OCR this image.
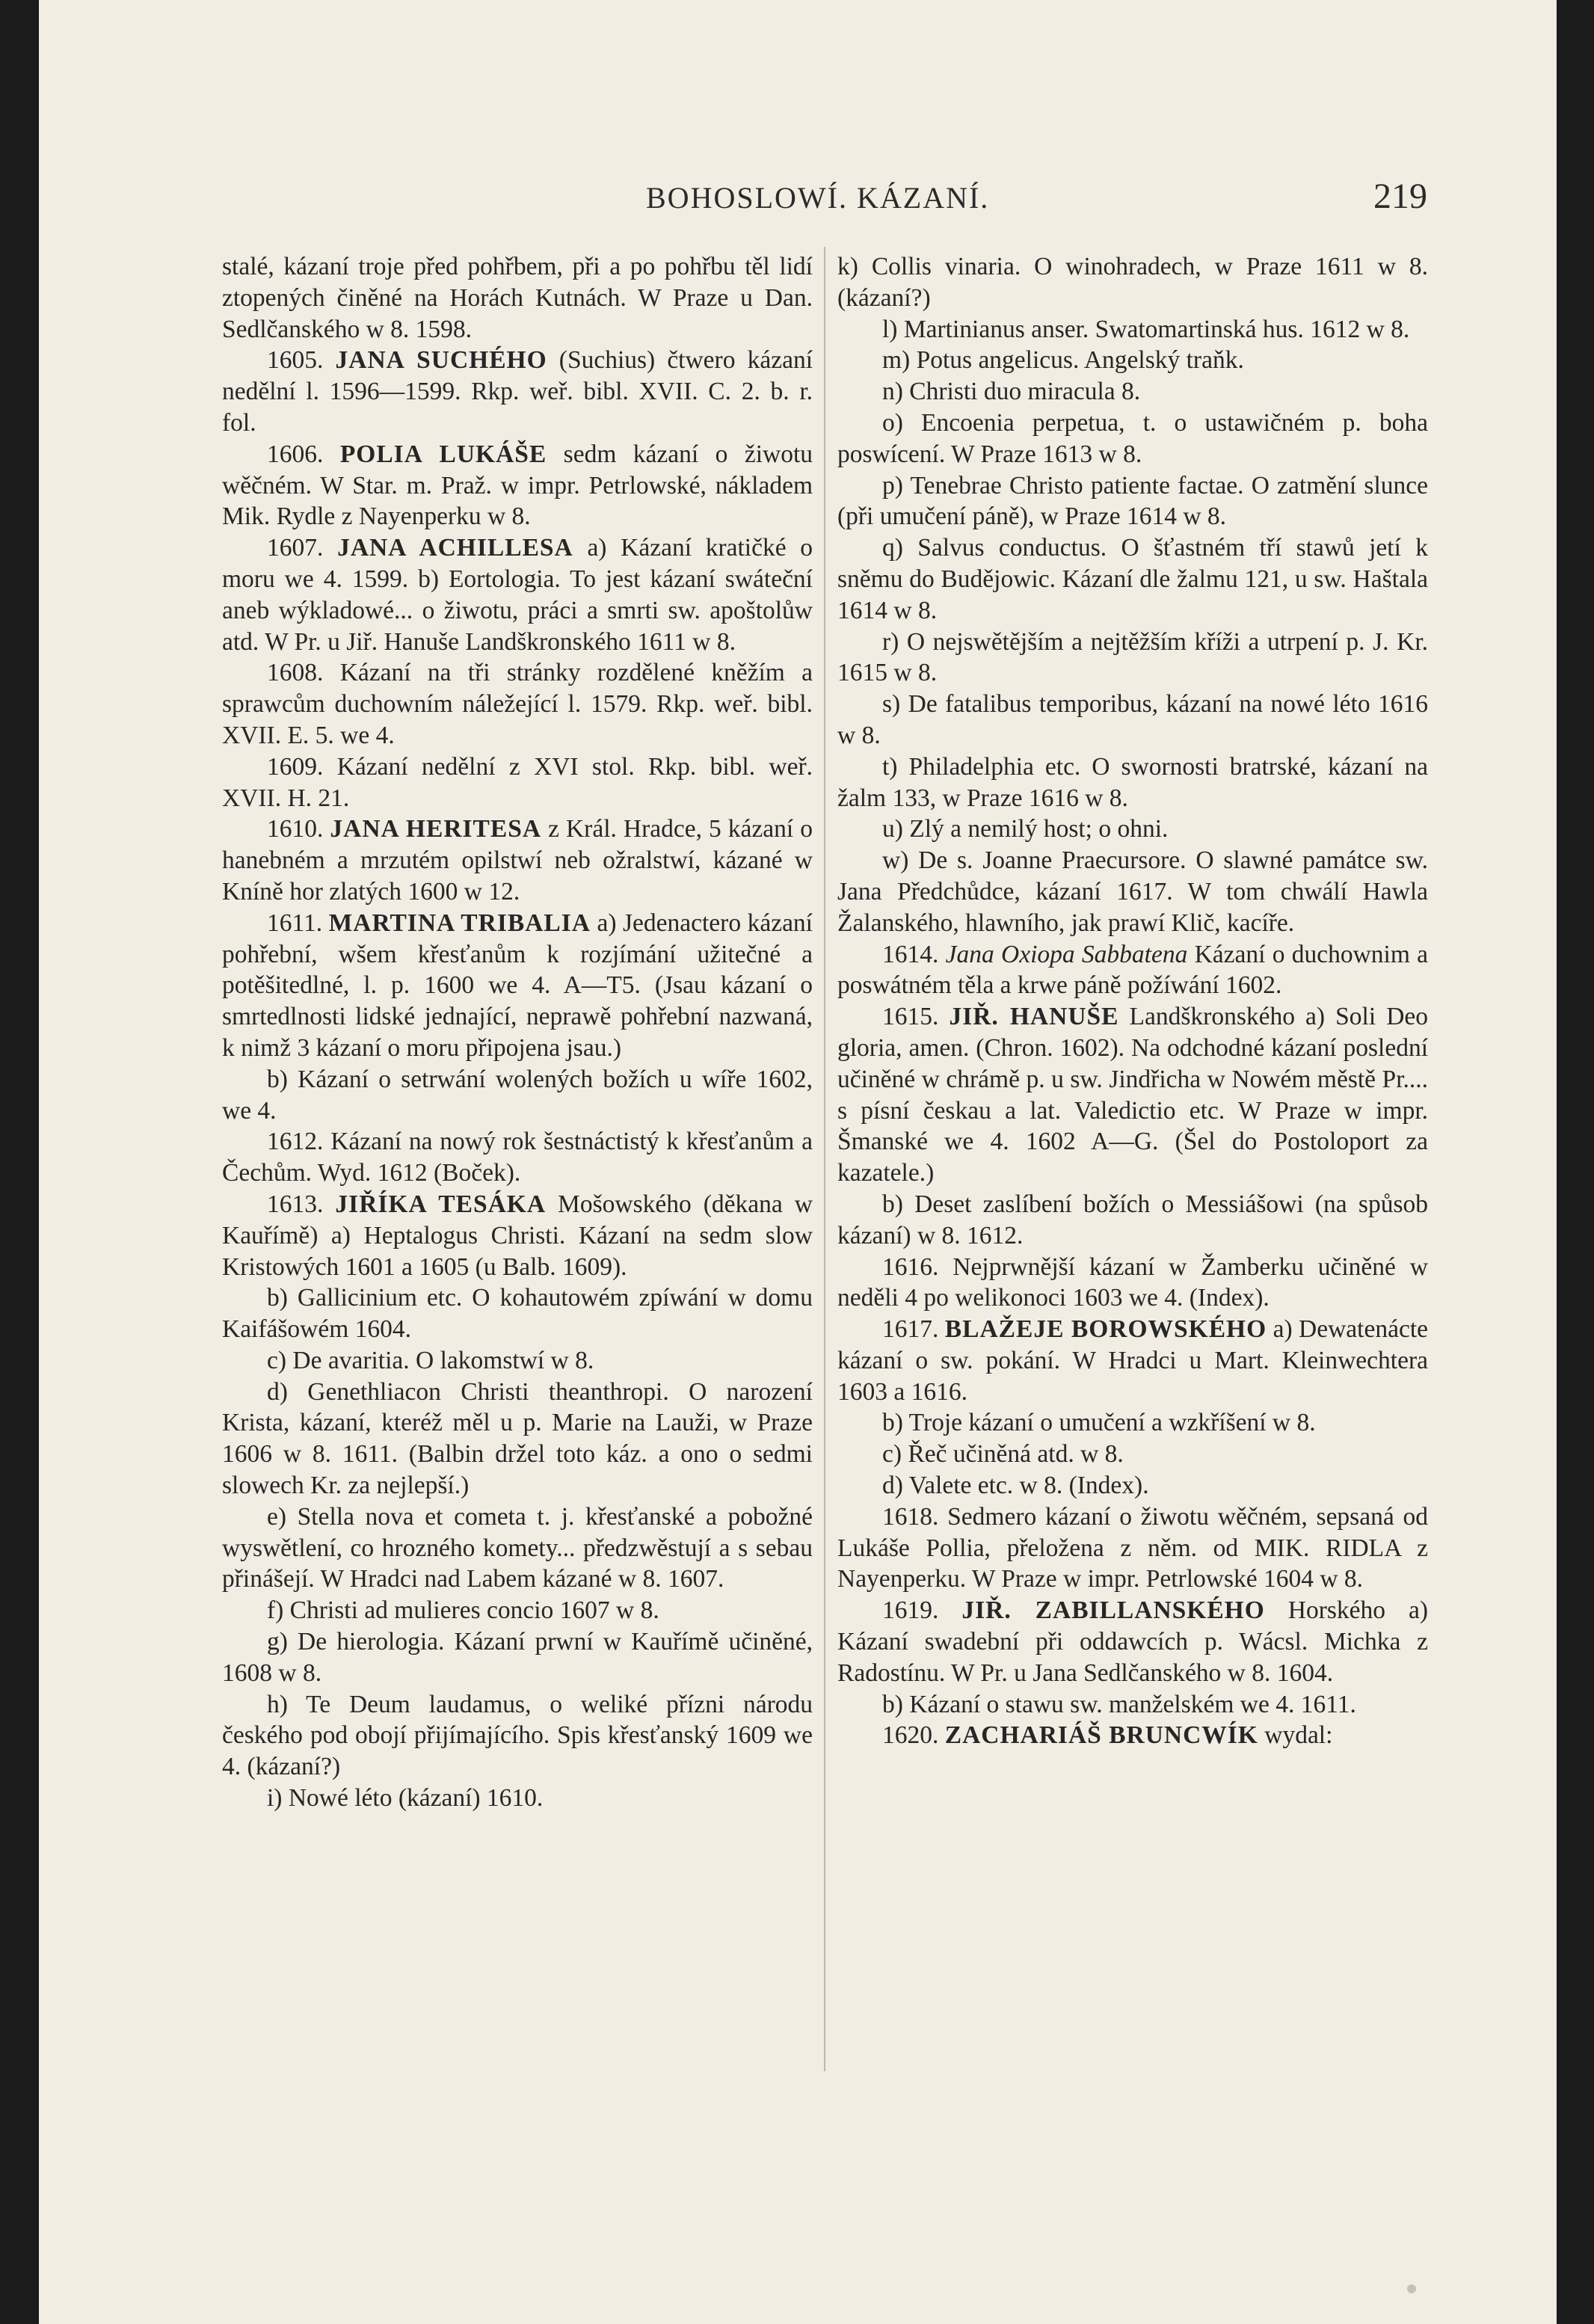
BOHOSLOWÍ. KÁZANÍ.	219

stalé, kázaní troje před pohřbem, při a po pohřbu těl lidí ztopených činěné na Horách Kutnách. W Praze u Dan. Sedlčanského w 8. 1598.

1605. JANA SUCHÉHO (Suchius) čtwero kázaní nedělní l. 1596—1599. Rkp. weř. bibl. XVII. C. 2. b. r. fol.

1606. POLIA LUKÁŠE sedm kázaní o žiwotu wěčném. W Star. m. Praž. w impr. Petrlowské, nákladem Mik. Rydle z Nayenperku w 8.

1607. JANA ACHILLESA a) Kázaní kratičké o moru we 4. 1599. b) Eortologia. To jest kázaní swáteční aneb wýkladowé... o žiwotu, práci a smrti sw. apoštolůw atd. W Pr. u Jiř. Hanuše Landškronského 1611 w 8.

1608. Kázaní na tři stránky rozdělené kněžím a sprawcům duchowním náležející l. 1579. Rkp. weř. bibl. XVII. E. 5. we 4.

1609. Kázaní nedělní z XVI stol. Rkp. bibl. weř. XVII. H. 21.

1610. JANA HERITESA z Král. Hradce, 5 kázaní o hanebném a mrzutém opilstwí neb ožralstwí, kázané w Kníně hor zlatých 1600 w 12.

1611. MARTINA TRIBALIA a) Jedenactero kázaní pohřební, wšem křesťanům k rozjímání užitečné a potěšitedlné, l. p. 1600 we 4. A—T5. (Jsau kázaní o smrtedlnosti lidské jednající, neprawě pohřební nazwaná, k nimž 3 kázaní o moru připojena jsau.)

b) Kázaní o setrwání wolených božích u wíře 1602, we 4.

1612. Kázaní na nowý rok šestnáctistý k křesťanům a Čechům. Wyd. 1612 (Boček).

1613. JIŘÍKA TESÁKA Mošowského (děkana w Kauřímě) a) Heptalogus Christi. Kázaní na sedm slow Kristowých 1601 a 1605 (u Balb. 1609).

b) Gallicinium etc. O kohautowém zpíwání w domu Kaifášowém 1604.

c) De avaritia. O lakomstwí w 8.

d) Genethliacon Christi theanthropi. O narození Krista, kázaní, kteréž měl u p. Marie na Lauži, w Praze 1606 w 8. 1611. (Balbin držel toto káz. a ono o sedmi slowech Kr. za nejlepší.)

e) Stella nova et cometa t. j. křesťanské a pobožné wyswětlení, co hrozného komety... předzwěstují a s sebau přinášejí. W Hradci nad Labem kázané w 8. 1607.

f) Christi ad mulieres concio 1607 w 8.

g) De hierologia. Kázaní prwní w Kauřímě učiněné, 1608 w 8.

h) Te Deum laudamus, o weliké přízni národu českého pod obojí přijímajícího. Spis křesťanský 1609 we 4. (kázaní?)

i) Nowé léto (kázaní) 1610.

k) Collis vinaria. O winohradech, w Praze 1611 w 8. (kázaní?)

l) Martinianus anser. Swatomartinská hus. 1612 w 8.

m) Potus angelicus. Angelský traňk.

n) Christi duo miracula 8.

o) Encoenia perpetua, t. o ustawičném p. boha poswícení. W Praze 1613 w 8.

p) Tenebrae Christo patiente factae. O zatmění slunce (při umučení páně), w Praze 1614 w 8.

q) Salvus conductus. O šťastném tří stawů jetí k sněmu do Budějowic. Kázaní dle žalmu 121, u sw. Haštala 1614 w 8.

r) O nejswětějším a nejtěžším kříži a utrpení p. J. Kr. 1615 w 8.

s) De fatalibus temporibus, kázaní na nowé léto 1616 w 8.

t) Philadelphia etc. O swornosti bratrské, kázaní na žalm 133, w Praze 1616 w 8.

u) Zlý a nemilý host; o ohni.

w) De s. Joanne Praecursore. O slawné památce sw. Jana Předchůdce, kázaní 1617. W tom chwálí Hawla Žalanského, hlawního, jak prawí Klič, kacíře.

1614. Jana Oxiopa Sabbatena Kázaní o duchownim a poswátném těla a krwe páně požíwání 1602.

1615. JIŘ. HANUŠE Landškronského a) Soli Deo gloria, amen. (Chron. 1602). Na odchodné kázaní poslední učiněné w chrámě p. u sw. Jindřicha w Nowém městě Pr.... s písní českau a lat. Valedictio etc. W Praze w impr. Šmanské we 4. 1602 A—G. (Šel do Postoloport za kazatele.)

b) Deset zaslíbení božích o Messiášowi (na spůsob kázaní) w 8. 1612.

1616. Nejprwnější kázaní w Žamberku učiněné w neděli 4 po welikonoci 1603 we 4. (Index).

1617. BLAŽEJE BOROWSKÉHO a) Dewatenácte kázaní o sw. pokání. W Hradci u Mart. Kleinwechtera 1603 a 1616.

b) Troje kázaní o umučení a wzkříšení w 8.

c) Řeč učiněná atd. w 8.

d) Valete etc. w 8. (Index).

1618. Sedmero kázaní o žiwotu wěčném, sepsaná od Lukáše Pollia, přeložena z něm. od MIK. RIDLA z Nayenperku. W Praze w impr. Petrlowské 1604 w 8.

1619. JIŘ. ZABILLANSKÉHO Horského a) Kázaní swadební při oddawcích p. Wácsl. Michka z Radostínu. W Pr. u Jana Sedlčanského w 8. 1604.

b) Kázaní o stawu sw. manželském we 4. 1611.

1620. ZACHARIÁŠ BRUNCWÍK wydal:
